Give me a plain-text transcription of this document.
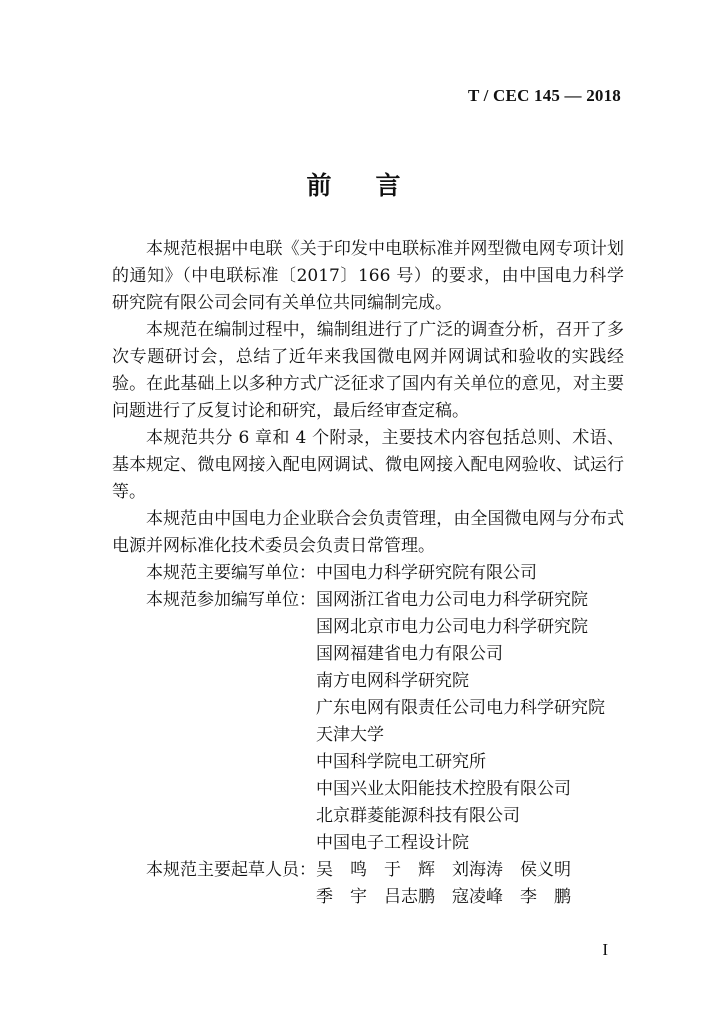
T / CEC 145 — 2018
前言

本规范根据中电联《关于印发中电联标准并网型微电网专项计划的通知》（中电联标准〔2017〕166 号）的要求，由中国电力科学研究院有限公司会同有关单位共同编制完成。

本规范在编制过程中，编制组进行了广泛的调查分析，召开了多次专题研讨会，总结了近年来我国微电网并网调试和验收的实践经验。在此基础上以多种方式广泛征求了国内有关单位的意见，对主要问题进行了反复讨论和研究，最后经审查定稿。

本规范共分 6 章和 4 个附录，主要技术内容包括总则、术语、基本规定、微电网接入配电网调试、微电网接入配电网验收、试运行等。

本规范由中国电力企业联合会负责管理，由全国微电网与分布式电源并网标准化技术委员会负责日常管理。

本规范主要编写单位： 中国电力科学研究院有限公司
本规范参加编写单位： 国网浙江省电力公司电力科学研究院
国网北京市电力公司电力科学研究院
国网福建省电力有限公司
南方电网科学研究院
广东电网有限责任公司电力科学研究院
天津大学
中国科学院电工研究所
中国兴业太阳能技术控股有限公司
北京群菱能源科技有限公司
中国电子工程设计院
本规范主要起草人员： 吴　鸣　于　辉　刘海涛　侯义明
季　宇　吕志鹏　寇凌峰　李　鹏
I
